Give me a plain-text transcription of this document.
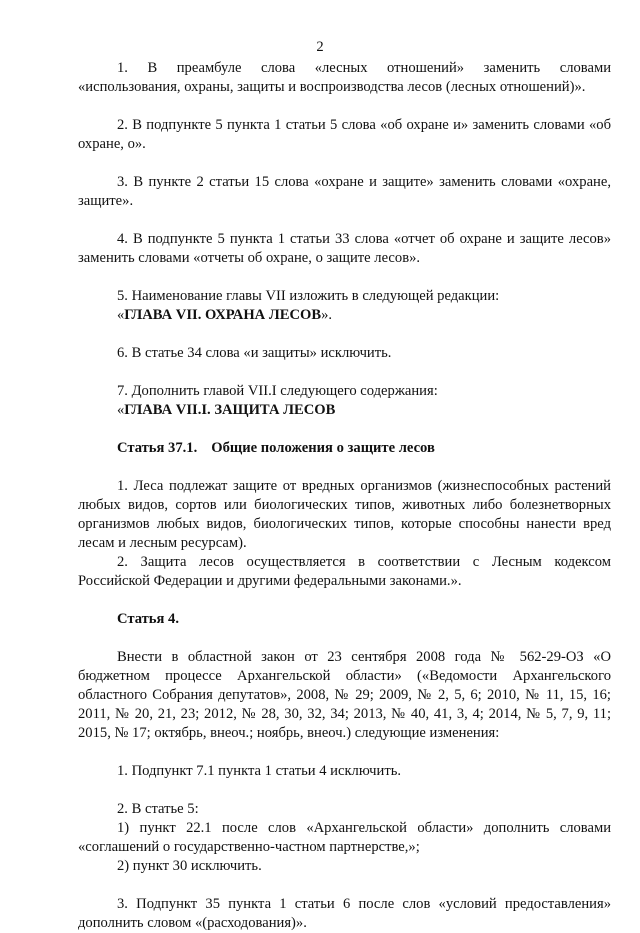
2

1. В преамбуле слова «лесных отношений» заменить словами

«использования, охраны, защиты и воспроизводства лесов (лесных отношений)».

2. В подпункте 5 пункта 1 статьи 5 слова «об охране и» заменить словами «об охране, о».

3. В пункте 2 статьи 15 слова «охране и защите» заменить словами «охране, защите».

4. В подпункте 5 пункта 1 статьи 33 слова «отчет об охране и защите лесов» заменить словами «отчеты об охране, о защите лесов».

5. Наименование главы VII изложить в следующей редакции:

«ГЛАВА VII. ОХРАНА ЛЕСОВ».

6. В статье 34 слова «и защиты» исключить.

7. Дополнить главой VII.I следующего содержания:

«ГЛАВА VII.I. ЗАЩИТА ЛЕСОВ

Статья 37.1. Общие положения о защите лесов

1. Леса подлежат защите от вредных организмов (жизнеспособных растений любых видов, сортов или биологических типов, животных либо болезнетворных организмов любых видов, биологических типов, которые способны нанести вред лесам и лесным ресурсам).

2. Защита лесов осуществляется в соответствии с Лесным кодексом Российской Федерации и другими федеральными законами.».

Статья 4.

Внести в областной закон от 23 сентября 2008 года № 562-29-ОЗ «О бюджетном процессе Архангельской области» («Ведомости Архангельского областного Собрания депутатов», 2008, № 29; 2009, № 2, 5, 6; 2010, № 11, 15, 16; 2011, № 20, 21, 23; 2012, № 28, 30, 32, 34; 2013, № 40, 41, 3, 4; 2014, № 5, 7, 9, 11; 2015, № 17; октябрь, внеоч.; ноябрь, внеоч.) следующие изменения:

1. Подпункт 7.1 пункта 1 статьи 4 исключить.

2. В статье 5:

1) пункт 22.1 после слов «Архангельской области» дополнить словами «соглашений о государственно-частном партнерстве,»;

2) пункт 30 исключить.

3. Подпункт 35 пункта 1 статьи 6 после слов «условий предоставления» дополнить словом «(расходования)».
